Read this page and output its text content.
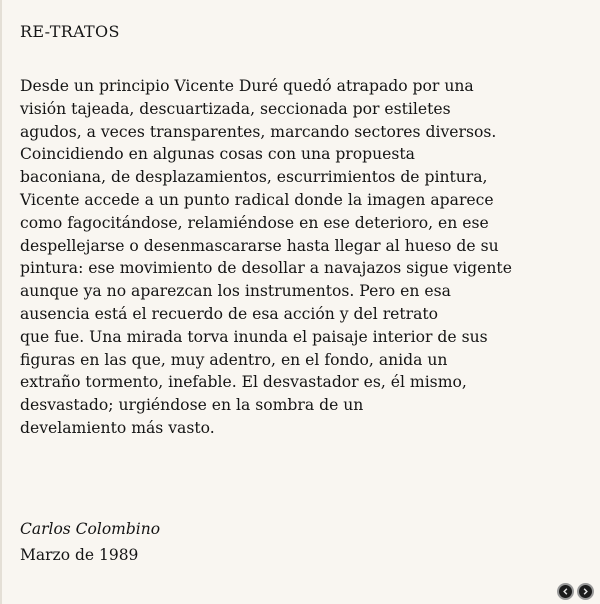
RE-TRATOS

Desde un principio Vicente Duré quedó atrapado por una
visión tajeada, descuartizada, seccionada por estiletes
agudos, a veces transparentes, marcando sectores diversos.
Coincidiendo en algunas cosas con una propuesta
baconiana, de desplazamientos, escurrimientos de pintura,
Vicente accede a un punto radical donde la imagen aparece
como fagocitándose, relamiéndose en ese deterioro, en ese
despellejarse o desenmascararse hasta llegar al hueso de su
pintura: ese movimiento de desollar a navajazos sigue vigente
aunque ya no aparezcan los instrumentos. Pero en esa
ausencia está el recuerdo de esa acción y del retrato
que fue. Una mirada torva inunda el paisaje interior de sus
figuras en las que, muy adentro, en el fondo, anida un
extraño tormento, inefable. El desvastador es, él mismo,
desvastado; urgiéndose en la sombra de un
develamiento más vasto.

Carlos Colombino
Marzo de 1989
